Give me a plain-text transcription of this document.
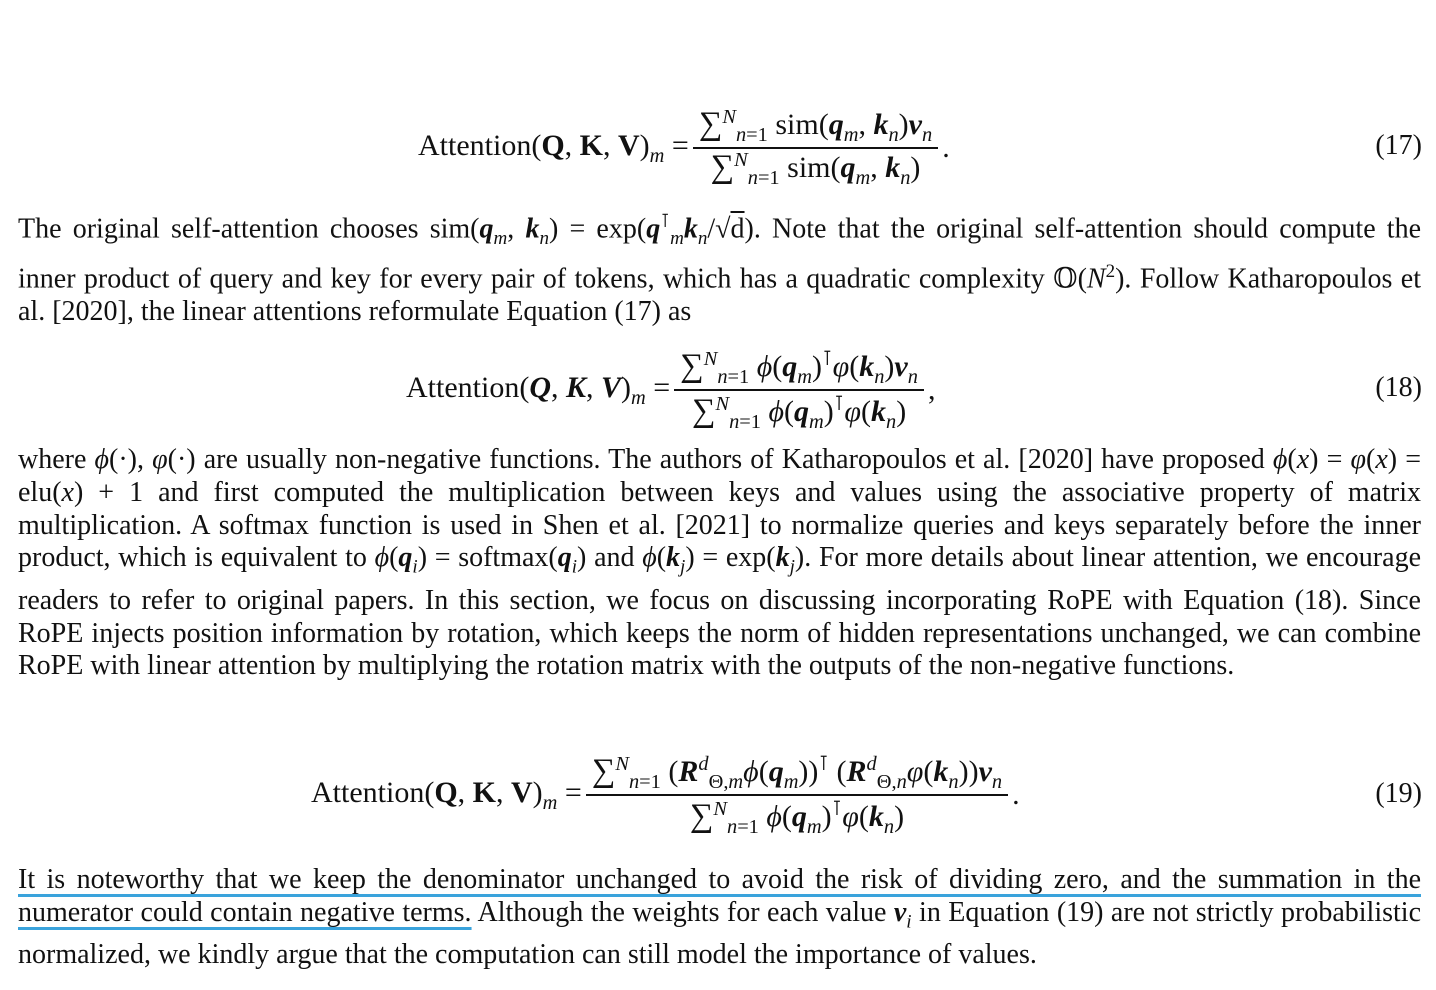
Attention(Q, K, $V)_m = \frac{\sum^N_{n=1} sim(q_m, k_n)v_n}{\sum^N_{n=1} sim(q_m, k_n)}$ .	(17)
The original self-attention chooses $sim(q_m$, $k_n) = \exp(q^⊺_mk_n/√d)$. Note that the original self-attention should compute the inner product of query and key for every pair of tokens, which has a quadratic complexity $𝕆(N^2)$. Follow Katharopoulos et al. [2020], the linear attentions reformulate Equation (17) as
Attention(Q, K, $V)_m = \frac{\sum^N_{n=1} \phi(q_m)^⊺\varphi(k_n)v_n}{\sum^N_{n=1} \phi(q_m)^⊺\varphi(k_n)}$ ,	(18)
where ϕ(·), φ(·) are usually non-negative functions. The authors of Katharopoulos et al. [2020] have proposed ϕ(x) = φ(x) = elu(x) + 1 and first computed the multiplication between keys and values using the associative property of matrix multiplication. A softmax function is used in Shen et al. [2021] to normalize queries and keys separately before the inner product, which is equivalent to $\phi(q_i)$ = $softmax(q_i)$ and $\phi(k_j) = \exp(k_j)$. For more details about linear attention, we encourage readers to refer to original papers. In this section, we focus on discussing incorporating RoPE with Equation (18). Since RoPE injects position information by rotation, which keeps the norm of hidden representations unchanged, we can combine RoPE with linear attention by multiplying the rotation matrix with the outputs of the non-negative functions.
Attention(Q, K, $V)_m = \frac{\sum^N_{n=1} (R^d_{\Theta,m}\phi(q_m))^⊺ (R^d_{\Theta,n}\varphi(k_n))v_n}{\sum^N_{n=1} \phi(q_m)^⊺\varphi(k_n)}$ .	(19)
It is noteworthy that we keep the denominator unchanged to avoid the risk of dividing zero, and the summation in the numerator could contain negative terms. Although the weights for each value $v_i$ in Equation (19) are not strictly probabilistic normalized, we kindly argue that the computation can still model the importance of values.
